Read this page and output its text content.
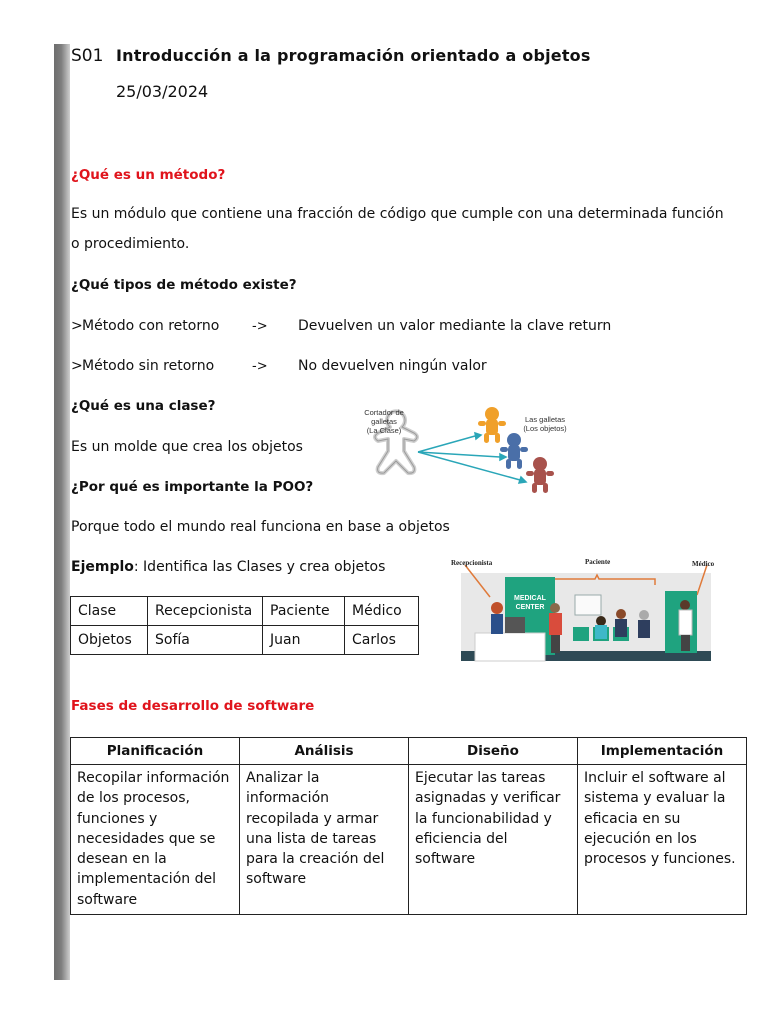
S01 Introducción a la programación orientado a objetos
25/03/2024
¿Qué es un método?
Es un módulo que contiene una fracción de código que cumple con una determinada función
o procedimiento.
¿Qué tipos de método existe?
> Método con retorno	-> Devuelven un valor mediante la clave return
> Método sin retorno	-> No devuelven ningún valor
¿Qué es una clase?
Es un molde que crea los objetos
¿Por qué es importante la POO?
Porque todo el mundo real funciona en base a objetos
Ejemplo: Identifica las Clases y crea objetos
Cortador de galletas
(La Clase)
Las galletas
(Los objetos)
Clase	Recepcionista	Paciente	Médico
Objetos	Sofía	Juan	Carlos
MEDICAL
CENTER
Recepcionista	Paciente	Médico
Fases de desarrollo de software
Planificación	Análisis	Diseño	Implementación
Recopilar información de los procesos, funciones y necesidades que se desean en la implementación del software	Analizar la información recopilada y armar una lista de tareas para la creación del software	Ejecutar las tareas asignadas y verificar la funcionabilidad y eficiencia del software	Incluir el software al sistema y evaluar la eficacia en su ejecución en los procesos y funciones.
